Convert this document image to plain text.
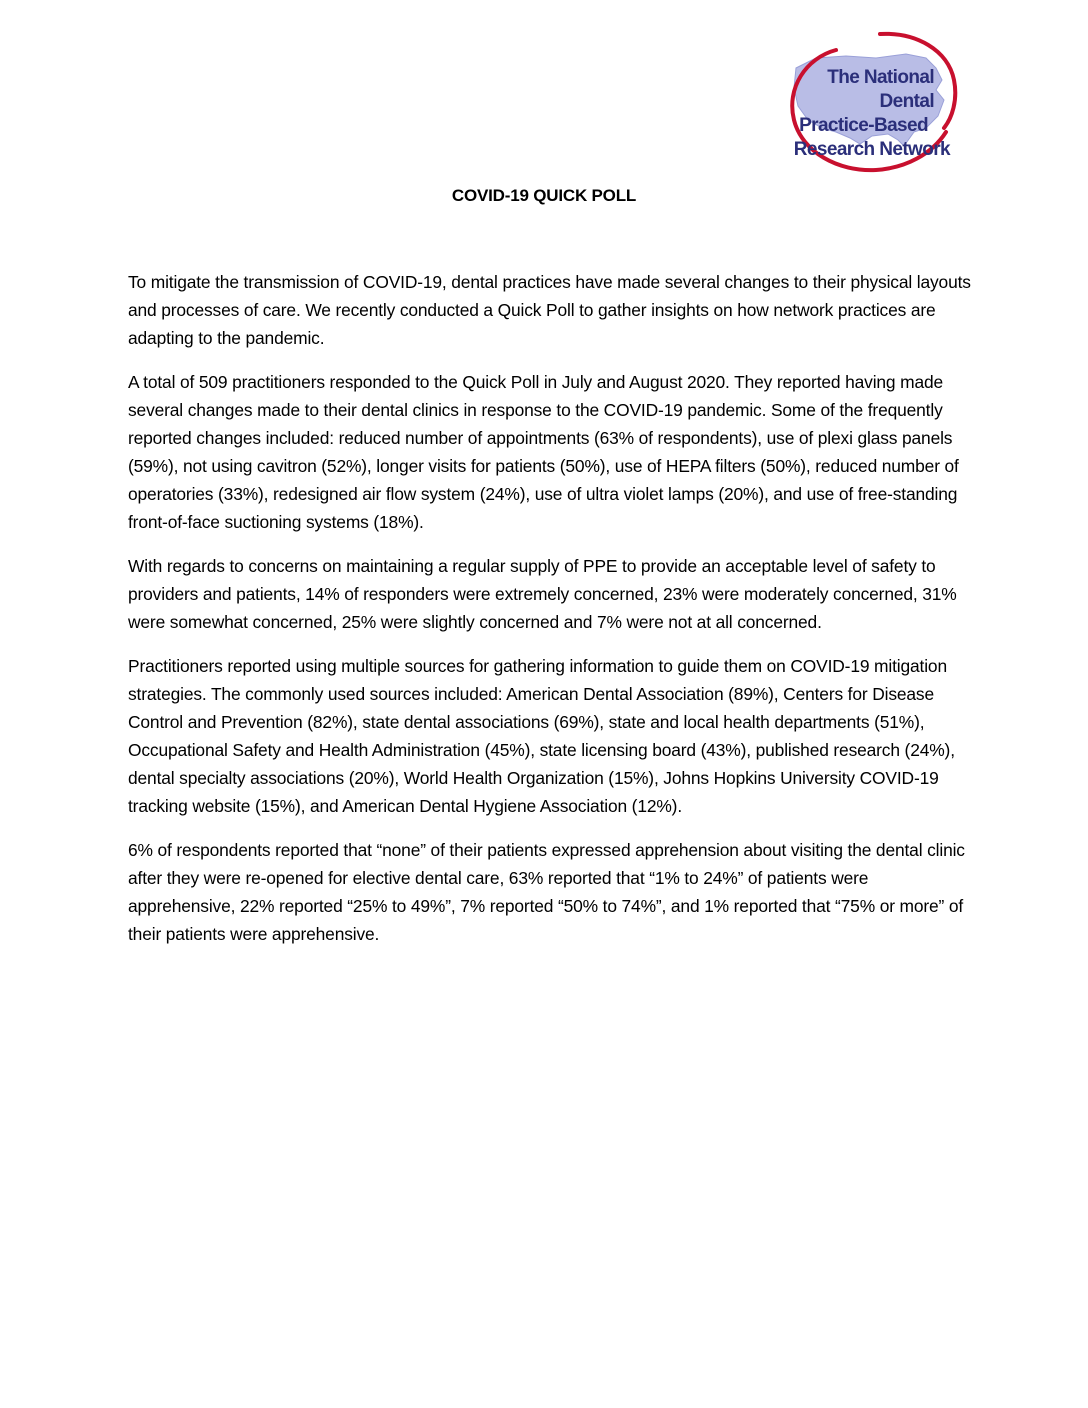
The National Dental
Practice-Based
Research Network
COVID-19 QUICK POLL

To mitigate the transmission of COVID-19, dental practices have made several changes to their physical layouts and processes of care. We recently conducted a Quick Poll to gather insights on how network practices are adapting to the pandemic.

A total of 509 practitioners responded to the Quick Poll in July and August 2020. They reported having made several changes made to their dental clinics in response to the COVID-19 pandemic. Some of the frequently reported changes included: reduced number of appointments (63% of respondents), use of plexi glass panels (59%), not using cavitron (52%), longer visits for patients (50%), use of HEPA filters (50%), reduced number of operatories (33%), redesigned air flow system (24%), use of ultra violet lamps (20%), and use of free-standing front-of-face suctioning systems (18%).

With regards to concerns on maintaining a regular supply of PPE to provide an acceptable level of safety to providers and patients, 14% of responders were extremely concerned, 23% were moderately concerned, 31% were somewhat concerned, 25% were slightly concerned and 7% were not at all concerned.

Practitioners reported using multiple sources for gathering information to guide them on COVID-19 mitigation strategies. The commonly used sources included: American Dental Association (89%), Centers for Disease Control and Prevention (82%), state dental associations (69%), state and local health departments (51%), Occupational Safety and Health Administration (45%), state licensing board (43%), published research (24%), dental specialty associations (20%), World Health Organization (15%), Johns Hopkins University COVID-19 tracking website (15%), and American Dental Hygiene Association (12%).

6% of respondents reported that “none” of their patients expressed apprehension about visiting the dental clinic after they were re-opened for elective dental care, 63% reported that “1% to 24%” of patients were apprehensive, 22% reported “25% to 49%”, 7% reported “50% to 74%”, and 1% reported that “75% or more” of their patients were apprehensive.
